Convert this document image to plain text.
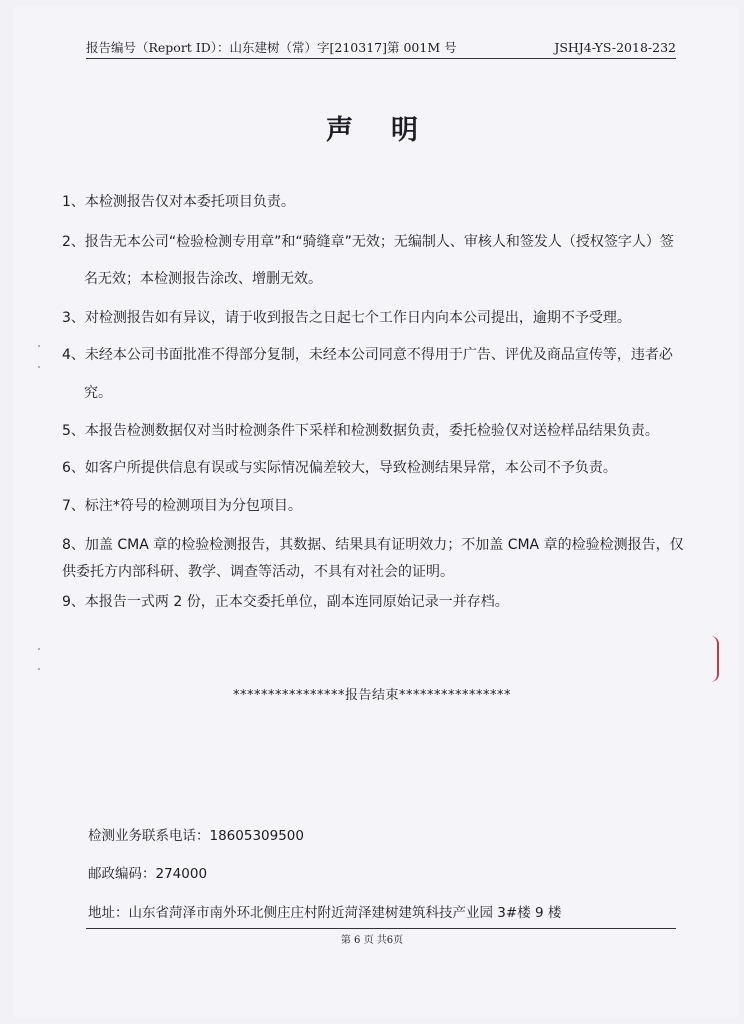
报告编号（Report ID）：山东建树（常）字[210317]第 001M 号	JSHJ4-YS-2018-232
声明
1、本检测报告仅对本委托项目负责。
2、报告无本公司“检验检测专用章”和“骑缝章”无效；无编制人、审核人和签发人（授权签字人）签
名无效；本检测报告涂改、增删无效。
3、对检测报告如有异议，请于收到报告之日起七个工作日内向本公司提出，逾期不予受理。
4、未经本公司书面批准不得部分复制，未经本公司同意不得用于广告、评优及商品宣传等，违者必
究。
5、本报告检测数据仅对当时检测条件下采样和检测数据负责，委托检验仅对送检样品结果负责。
6、如客户所提供信息有误或与实际情况偏差较大，导致检测结果异常，本公司不予负责。
7、标注*符号的检测项目为分包项目。
8、加盖 CMA 章的检验检测报告，其数据、结果具有证明效力；不加盖 CMA 章的检验检测报告，仅
供委托方内部科研、教学、调查等活动，不具有对社会的证明。
9、本报告一式两 2 份，正本交委托单位，副本连同原始记录一并存档。
****************报告结束****************
检测业务联系电话：18605309500
邮政编码：274000
地址：山东省菏泽市南外环北侧庄庄村附近菏泽建树建筑科技产业园 3#楼 9 楼
第 6 页 共6页
